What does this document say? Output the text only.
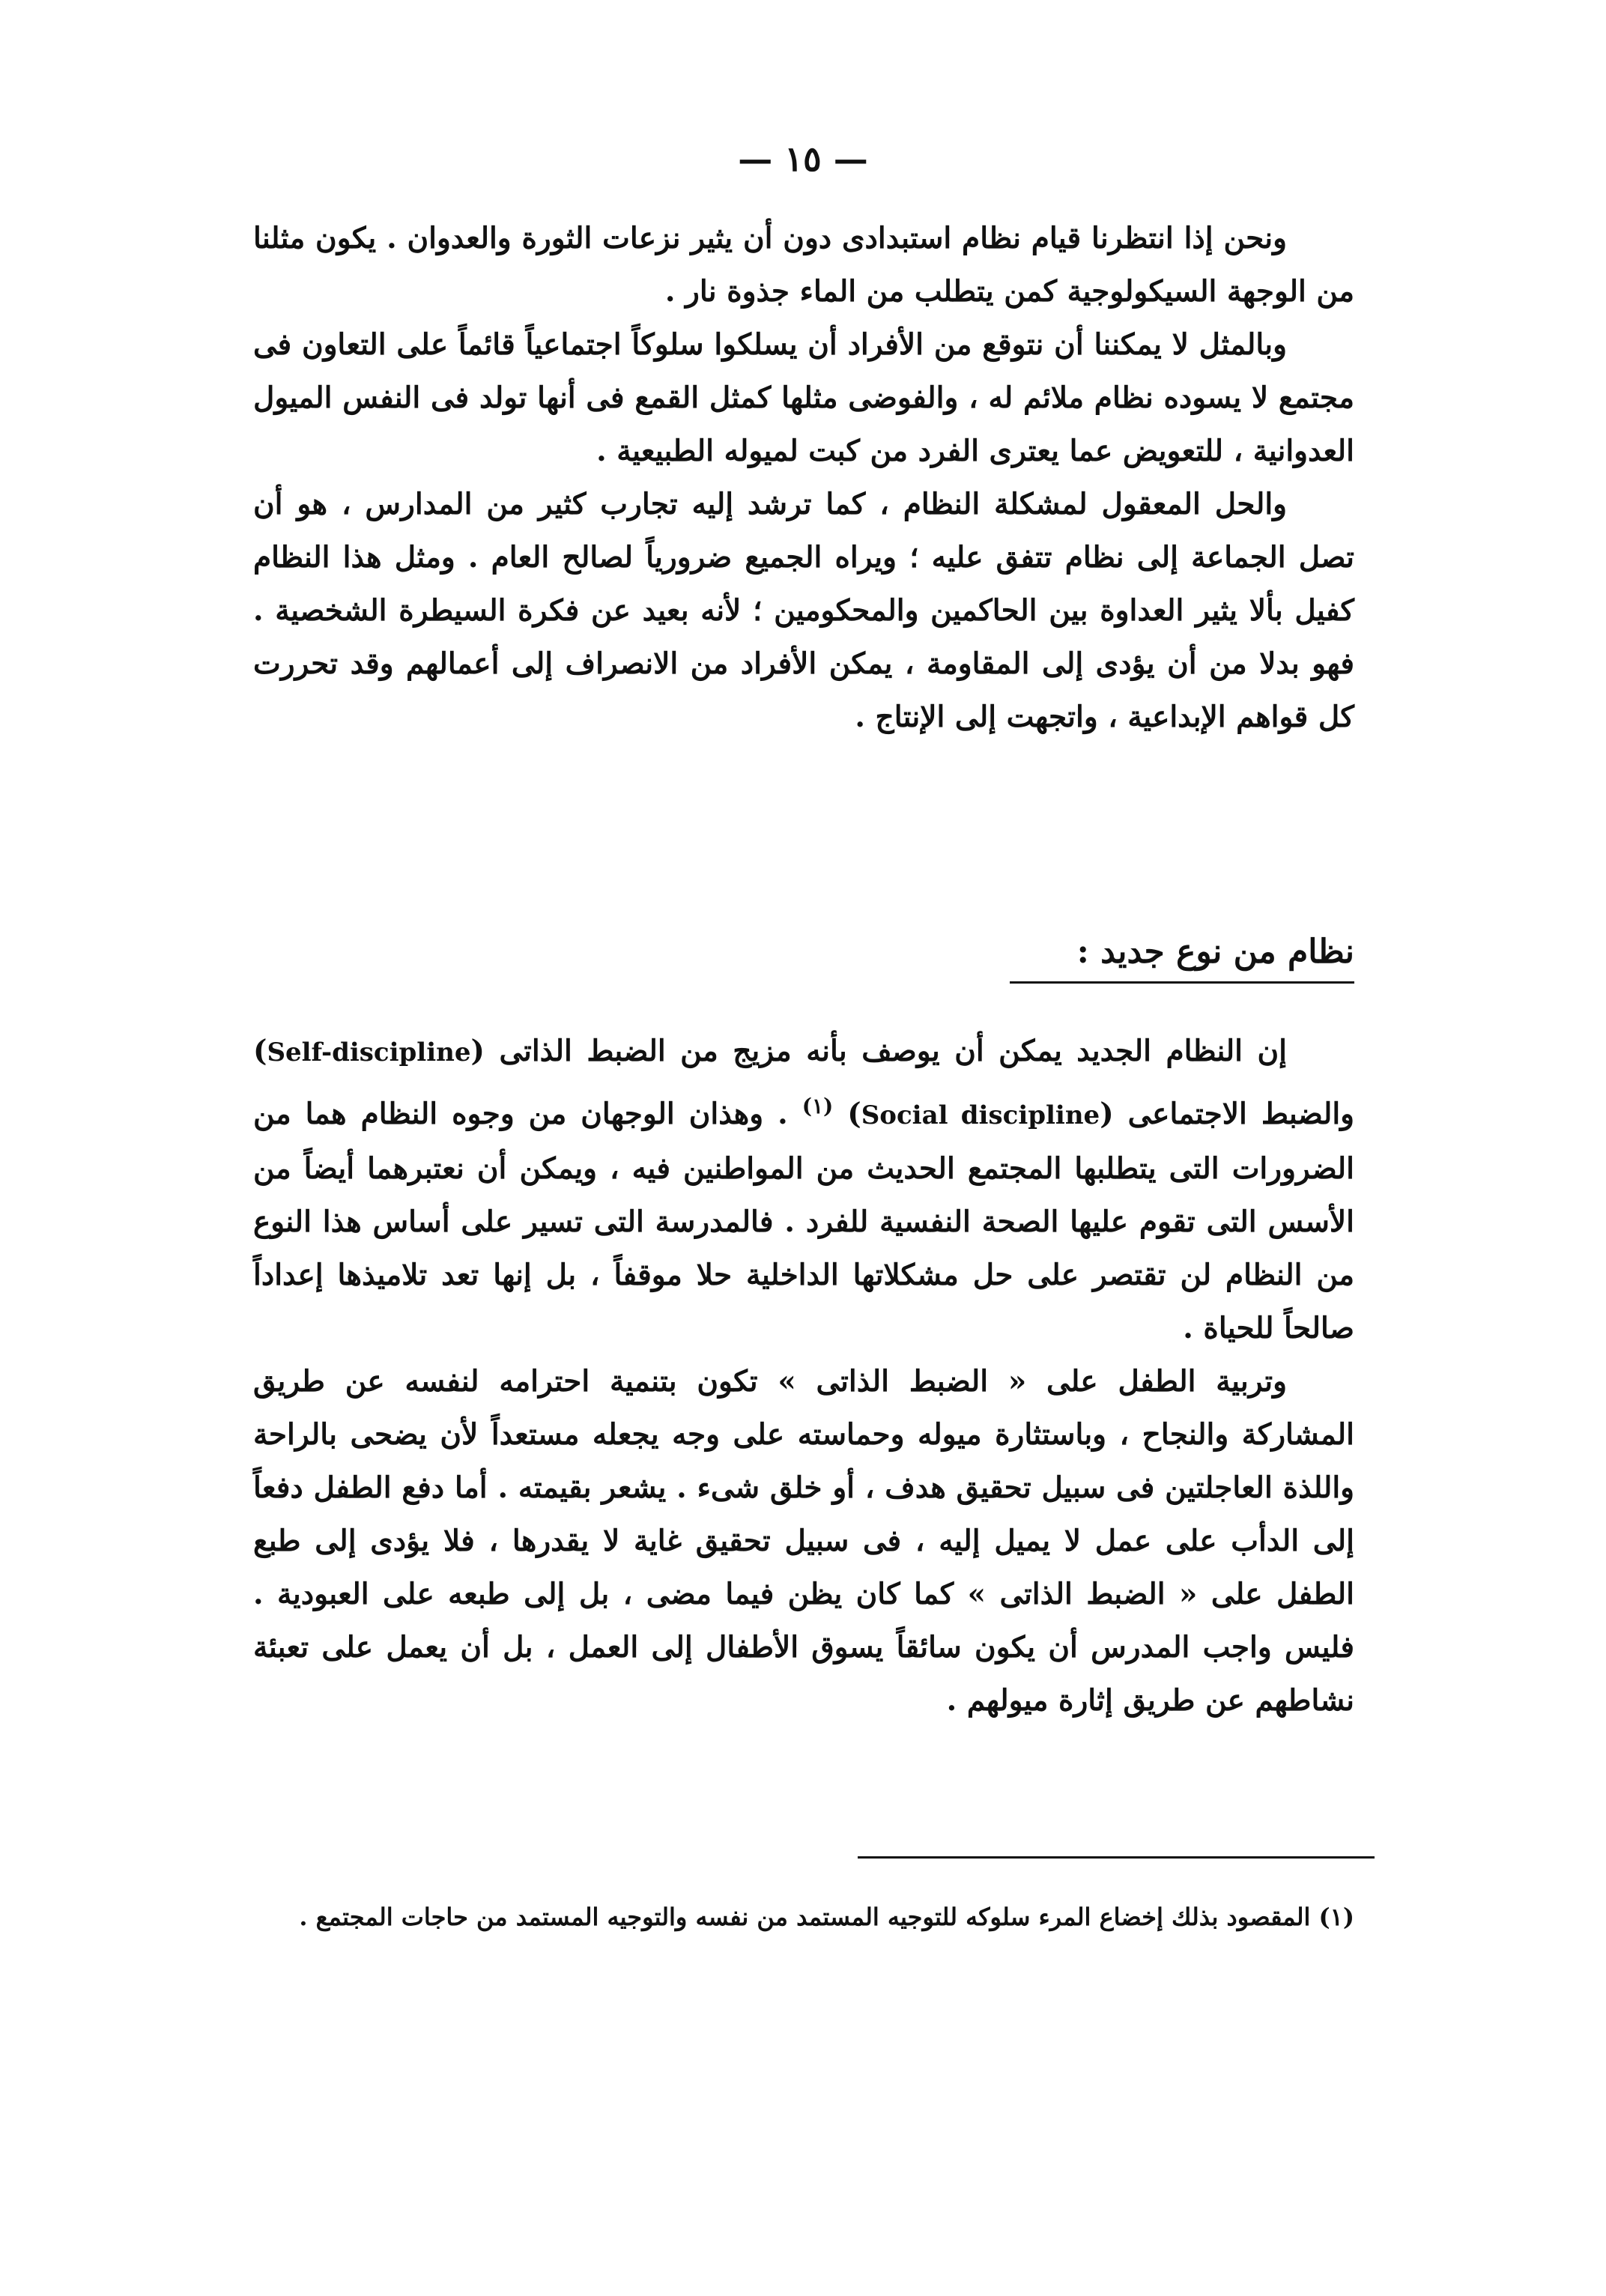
— ١٥ —

ونحن إذا انتظرنا قيام نظام استبدادى دون أن يثير نزعات الثورة والعدوان . يكون مثلنا من الوجهة السيكولوجية كمن يتطلب من الماء جذوة نار .

وبالمثل لا يمكننا أن نتوقع من الأفراد أن يسلكوا سلوكاً اجتماعياً قائماً على التعاون فى مجتمع لا يسوده نظام ملائم له ، والفوضى مثلها كمثل القمع فى أنها تولد فى النفس الميول العدوانية ، للتعويض عما يعترى الفرد من كبت لميوله الطبيعية .

والحل المعقول لمشكلة النظام ، كما ترشد إليه تجارب كثير من المدارس ، هو أن تصل الجماعة إلى نظام تتفق عليه ؛ ويراه الجميع ضرورياً لصالح العام . ومثل هذا النظام كفيل بألا يثير العداوة بين الحاكمين والمحكومين ؛ لأنه بعيد عن فكرة السيطرة الشخصية . فهو بدلا من أن يؤدى إلى المقاومة ، يمكن الأفراد من الانصراف إلى أعمالهم وقد تحررت كل قواهم الإبداعية ، واتجهت إلى الإنتاج .

نظام من نوع جديد :

إن النظام الجديد يمكن أن يوصف بأنه مزيج من الضبط الذاتى (Self-discipline) والضبط الاجتماعى (Social discipline) $^{(١)}$ . وهذان الوجهان من وجوه النظام هما من الضرورات التى يتطلبها المجتمع الحديث من المواطنين فيه ، ويمكن أن نعتبرهما أيضاً من الأسس التى تقوم عليها الصحة النفسية للفرد . فالمدرسة التى تسير على أساس هذا النوع من النظام لن تقتصر على حل مشكلاتها الداخلية حلا موقفاً ، بل إنها تعد تلاميذها إعداداً صالحاً للحياة .

وتربية الطفل على « الضبط الذاتى » تكون بتنمية احترامه لنفسه عن طريق المشاركة والنجاح ، وباستثارة ميوله وحماسته على وجه يجعله مستعداً لأن يضحى بالراحة واللذة العاجلتين فى سبيل تحقيق هدف ، أو خلق شىء . يشعر بقيمته . أما دفع الطفل دفعاً إلى الدأب على عمل لا يميل إليه ، فى سبيل تحقيق غاية لا يقدرها ، فلا يؤدى إلى طبع الطفل على « الضبط الذاتى » كما كان يظن فيما مضى ، بل إلى طبعه على العبودية . فليس واجب المدرس أن يكون سائقاً يسوق الأطفال إلى العمل ، بل أن يعمل على تعبئة نشاطهم عن طريق إثارة ميولهم .

(١) المقصود بذلك إخضاع المرء سلوكه للتوجيه المستمد من نفسه والتوجيه المستمد من حاجات المجتمع .
